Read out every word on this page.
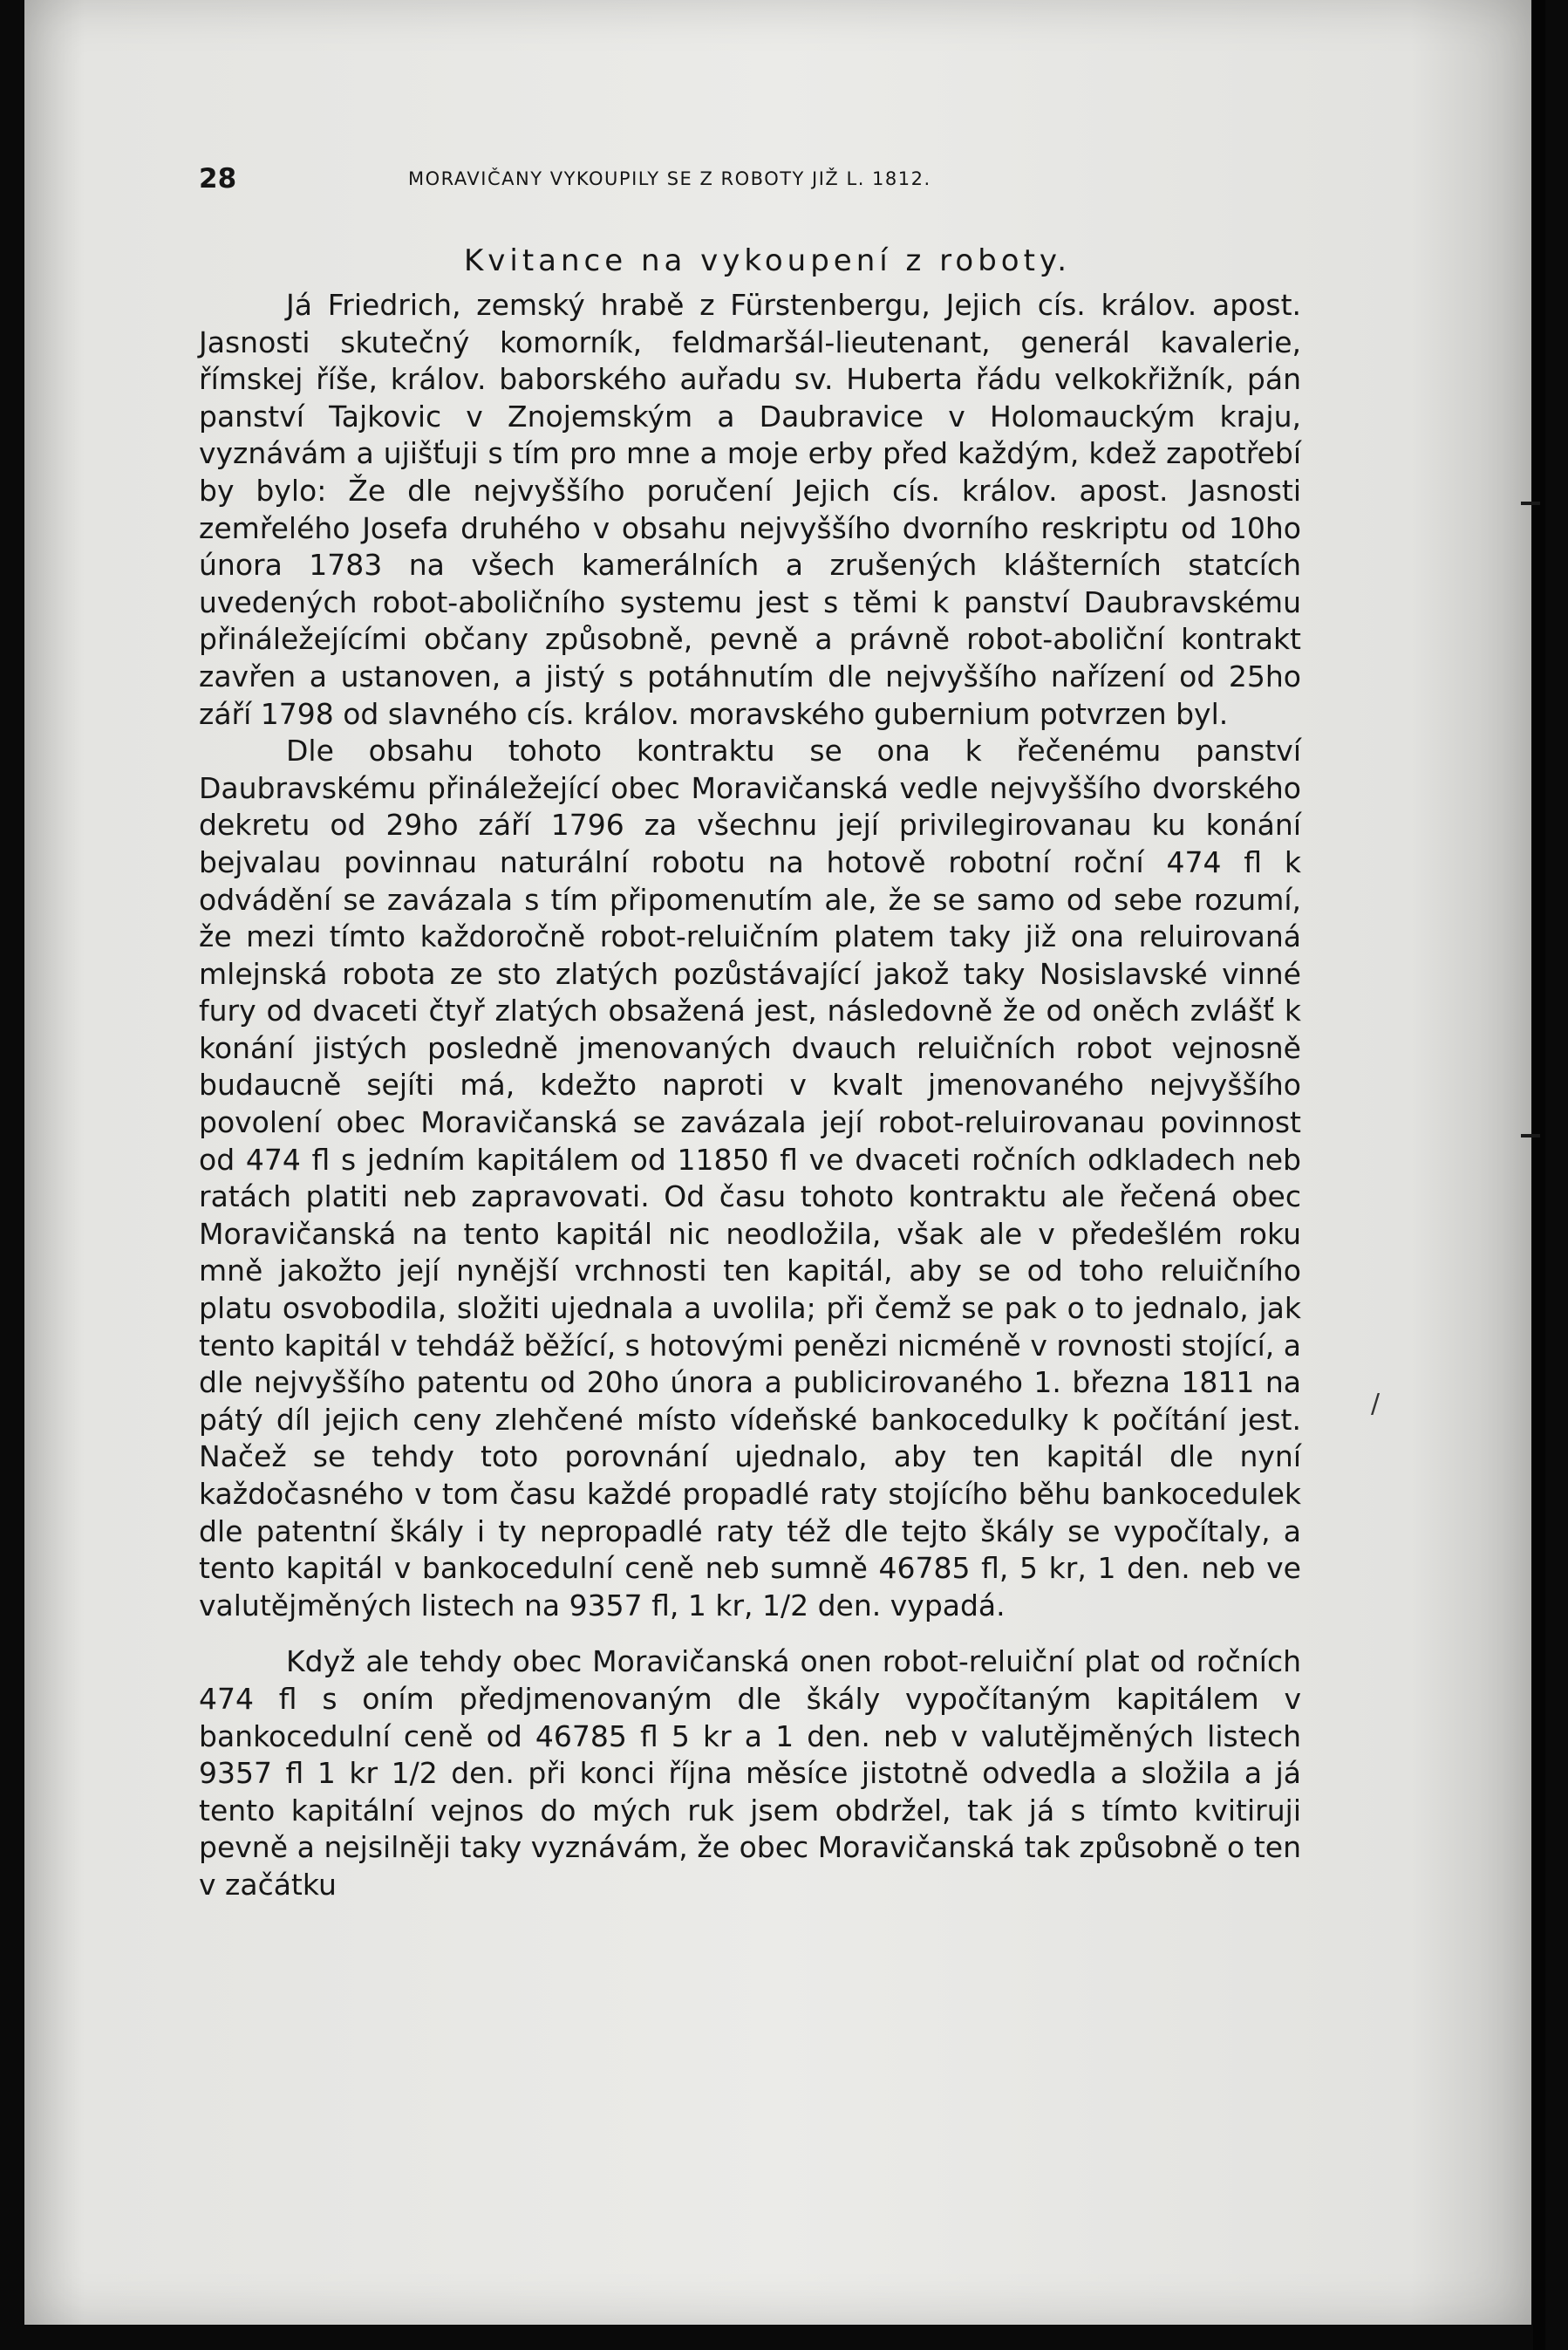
/
28	MORAVIČANY VYKOUPILY SE Z ROBOTY JIŽ L. 1812.
Kvitance na vykoupení z roboty.

Já Friedrich, zemský hrabě z Fürstenbergu, Jejich cís. králov. apost. Jasnosti skutečný komorník, feldmaršál-lieutenant, generál kavalerie, římskej říše, králov. baborského auřadu sv. Huberta řádu velkokřižník, pán panství Tajkovic v Znojemským a Daubravice v Holomauckým kraju, vyznávám a ujišťuji s tím pro mne a moje erby před každým, kdež zapotřebí by bylo: Že dle nejvyššího poručení Jejich cís. králov. apost. Jasnosti zemřelého Josefa druhého v obsahu nejvyššího dvorního reskriptu od 10ho února 1783 na všech kamerálních a zrušených klášterních statcích uvedených robot-aboličního systemu jest s těmi k panství Daubravskému přináležejícími občany způsobně, pevně a právně robot-aboliční kontrakt zavřen a ustanoven, a jistý s potáhnutím dle nejvyššího nařízení od 25ho září 1798 od slavného cís. králov. moravského gubernium potvrzen byl.

Dle obsahu tohoto kontraktu se ona k řečenému panství Daubravskému přináležející obec Moravičanská vedle nejvyššího dvorského dekretu od 29ho září 1796 za všechnu její privilegirovanau ku konání bejvalau povinnau naturální robotu na hotově robotní roční 474 fl k odvádění se zavázala s tím připomenutím ale, že se samo od sebe rozumí, že mezi tímto každoročně robot-reluičním platem taky již ona reluirovaná mlejnská robota ze sto zlatých pozůstávající jakož taky Nosislavské vinné fury od dvaceti čtyř zlatých obsažená jest, následovně že od oněch zvlášť k konání jistých posledně jmenovaných dvauch reluičních robot vejnosně budaucně sejíti má, kdežto naproti v kvalt jmenovaného nejvyššího povolení obec Moravičanská se zavázala její robot-reluirovanau povinnost od 474 fl s jedním kapitálem od 11850 fl ve dvaceti ročních odkladech neb ratách platiti neb zapravovati. Od času tohoto kontraktu ale řečená obec Moravičanská na tento kapitál nic neodložila, však ale v předešlém roku mně jakožto její nynější vrchnosti ten kapitál, aby se od toho reluičního platu osvobodila, složiti ujednala a uvolila; při čemž se pak o to jednalo, jak tento kapitál v tehdáž běžící, s hotovými penězi nicméně v rovnosti stojící, a dle nejvyššího patentu od 20ho února a publicirovaného 1. března 1811 na pátý díl jejich ceny zlehčené místo vídeňské bankocedulky k počítání jest. Načež se tehdy toto porovnání ujednalo, aby ten kapitál dle nyní každočasného v tom času každé propadlé raty stojícího běhu bankocedulek dle patentní škály i ty nepropadlé raty též dle tejto škály se vypočítaly, a tento kapitál v bankocedulní ceně neb sumně 46785 fl, 5 kr, 1 den. neb ve valutějměných listech na 9357 fl, 1 kr, 1/2 den. vypadá.

Když ale tehdy obec Moravičanská onen robot-reluiční plat od ročních 474 fl s oním předjmenovaným dle škály vypočítaným kapitálem v bankocedulní ceně od 46785 fl 5 kr a 1 den. neb v valutějměných listech 9357 fl 1 kr 1/2 den. při konci října měsíce jistotně odvedla a složila a já tento kapitální vejnos do mých ruk jsem obdržel, tak já s tímto kvitiruji pevně a nejsilněji taky vyznávám, že obec Moravičanská tak způsobně o ten v začátku
